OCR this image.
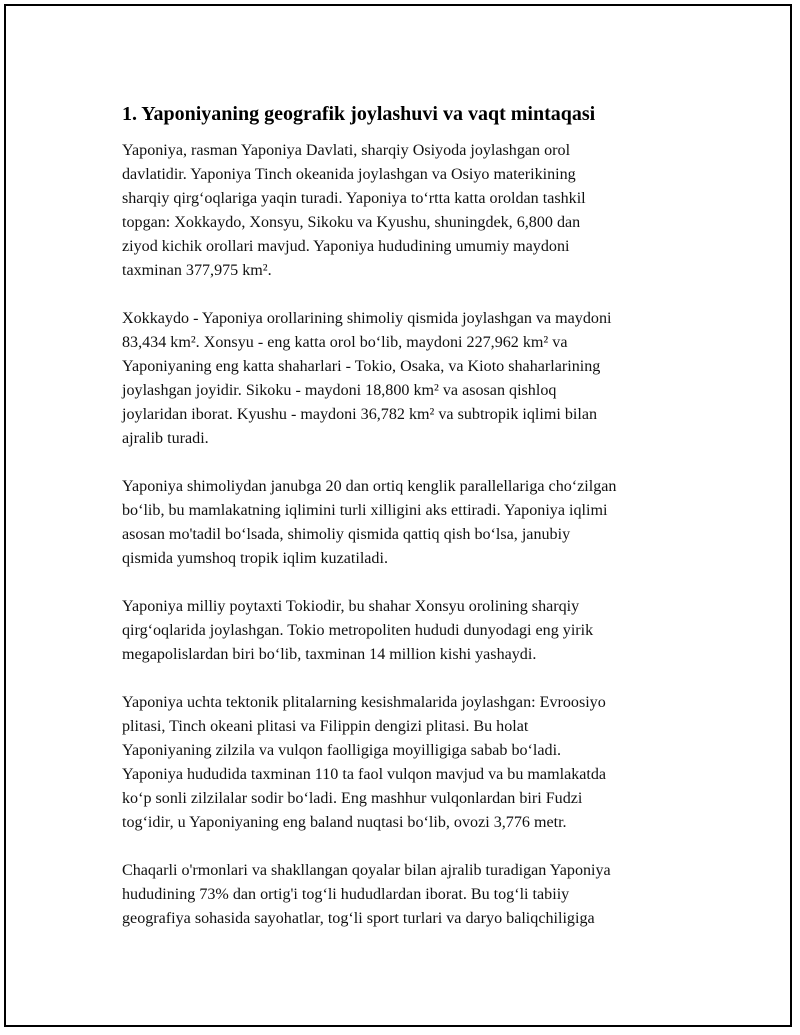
1. Yaponiyaning geografik joylashuvi va vaqt mintaqasi

Yaponiya, rasman Yaponiya Davlati, sharqiy Osiyoda joylashgan orol
davlatidir. Yaponiya Tinch okeanida joylashgan va Osiyo materikining
sharqiy qirg‘oqlariga yaqin turadi. Yaponiya to‘rtta katta oroldan tashkil
topgan: Xokkaydo, Xonsyu, Sikoku va Kyushu, shuningdek, 6,800 dan
ziyod kichik orollari mavjud. Yaponiya hududining umumiy maydoni
taxminan 377,975 km².

Xokkaydo - Yaponiya orollarining shimoliy qismida joylashgan va maydoni
83,434 km². Xonsyu - eng katta orol bo‘lib, maydoni 227,962 km² va
Yaponiyaning eng katta shaharlari - Tokio, Osaka, va Kioto shaharlarining
joylashgan joyidir. Sikoku - maydoni 18,800 km² va asosan qishloq
joylaridan iborat. Kyushu - maydoni 36,782 km² va subtropik iqlimi bilan
ajralib turadi.

Yaponiya shimoliydan janubga 20 dan ortiq kenglik parallellariga cho‘zilgan
bo‘lib, bu mamlakatning iqlimini turli xilligini aks ettiradi. Yaponiya iqlimi
asosan mo'tadil bo‘lsada, shimoliy qismida qattiq qish bo‘lsa, janubiy
qismida yumshoq tropik iqlim kuzatiladi.

Yaponiya milliy poytaxti Tokiodir, bu shahar Xonsyu orolining sharqiy
qirg‘oqlarida joylashgan. Tokio metropoliten hududi dunyodagi eng yirik
megapolislardan biri bo‘lib, taxminan 14 million kishi yashaydi.

Yaponiya uchta tektonik plitalarning kesishmalarida joylashgan: Evroosiyo
plitasi, Tinch okeani plitasi va Filippin dengizi plitasi. Bu holat
Yaponiyaning zilzila va vulqon faolligiga moyilligiga sabab bo‘ladi.
Yaponiya hududida taxminan 110 ta faol vulqon mavjud va bu mamlakatda
ko‘p sonli zilzilalar sodir bo‘ladi. Eng mashhur vulqonlardan biri Fudzi
tog‘idir, u Yaponiyaning eng baland nuqtasi bo‘lib, ovozi 3,776 metr.

Chaqarli o'rmonlari va shakllangan qoyalar bilan ajralib turadigan Yaponiya
hududining 73% dan ortig'i tog‘li hududlardan iborat. Bu tog‘li tabiiy
geografiya sohasida sayohatlar, tog‘li sport turlari va daryo baliqchiligiga
